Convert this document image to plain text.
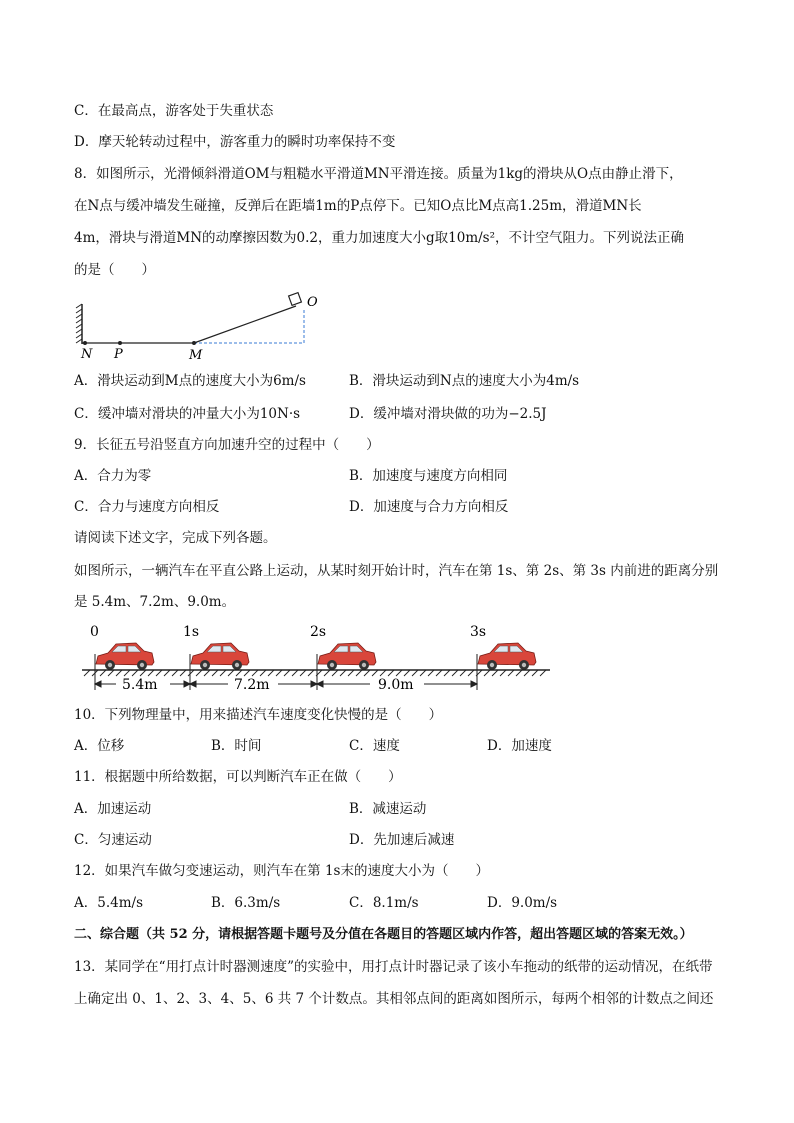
C．在最高点，游客处于失重状态
D．摩天轮转动过程中，游客重力的瞬时功率保持不变
8．如图所示，光滑倾斜滑道OM与粗糙水平滑道MN平滑连接。质量为1kg的滑块从O点由静止滑下，
在N点与缓冲墙发生碰撞，反弹后在距墙1m的P点停下。已知O点比M点高1.25m，滑道MN长
4m，滑块与滑道MN的动摩擦因数为0.2，重力加速度大小g取10m/s²，不计空气阻力。下列说法正确
的是（　　）
O
N P	M
A．滑块运动到M点的速度大小为6m/s	B．滑块运动到N点的速度大小为4m/s
C．缓冲墙对滑块的冲量大小为10N·s	D．缓冲墙对滑块做的功为−2.5J
9．长征五号沿竖直方向加速升空的过程中（　　）
A．合力为零	B．加速度与速度方向相同
C．合力与速度方向相反	D．加速度与合力方向相反
请阅读下述文字，完成下列各题。
如图所示，一辆汽车在平直公路上运动，从某时刻开始计时，汽车在第 1s、第 2s、第 3s 内前进的距离分别
是 5.4m、7.2m、9.0m。
0	1s	2s	3s
5.4m	7.2m	9.0m
10．下列物理量中，用来描述汽车速度变化快慢的是（　　）
A．位移	B．时间	C．速度	D．加速度
11．根据题中所给数据，可以判断汽车正在做（　　）
A．加速运动	B．减速运动
C．匀速运动	D．先加速后减速
12．如果汽车做匀变速运动，则汽车在第 1s末的速度大小为（　　）
A．5.4m/s	B．6.3m/s	C．8.1m/s	D．9.0m/s
二、综合题（共 52 分，请根据答题卡题号及分值在各题目的答题区域内作答，超出答题区域的答案无效。）
13．某同学在“用打点计时器测速度”的实验中，用打点计时器记录了该小车拖动的纸带的运动情况，在纸带
上确定出 0、1、2、3、4、5、6 共 7 个计数点。其相邻点间的距离如图所示，每两个相邻的计数点之间还
